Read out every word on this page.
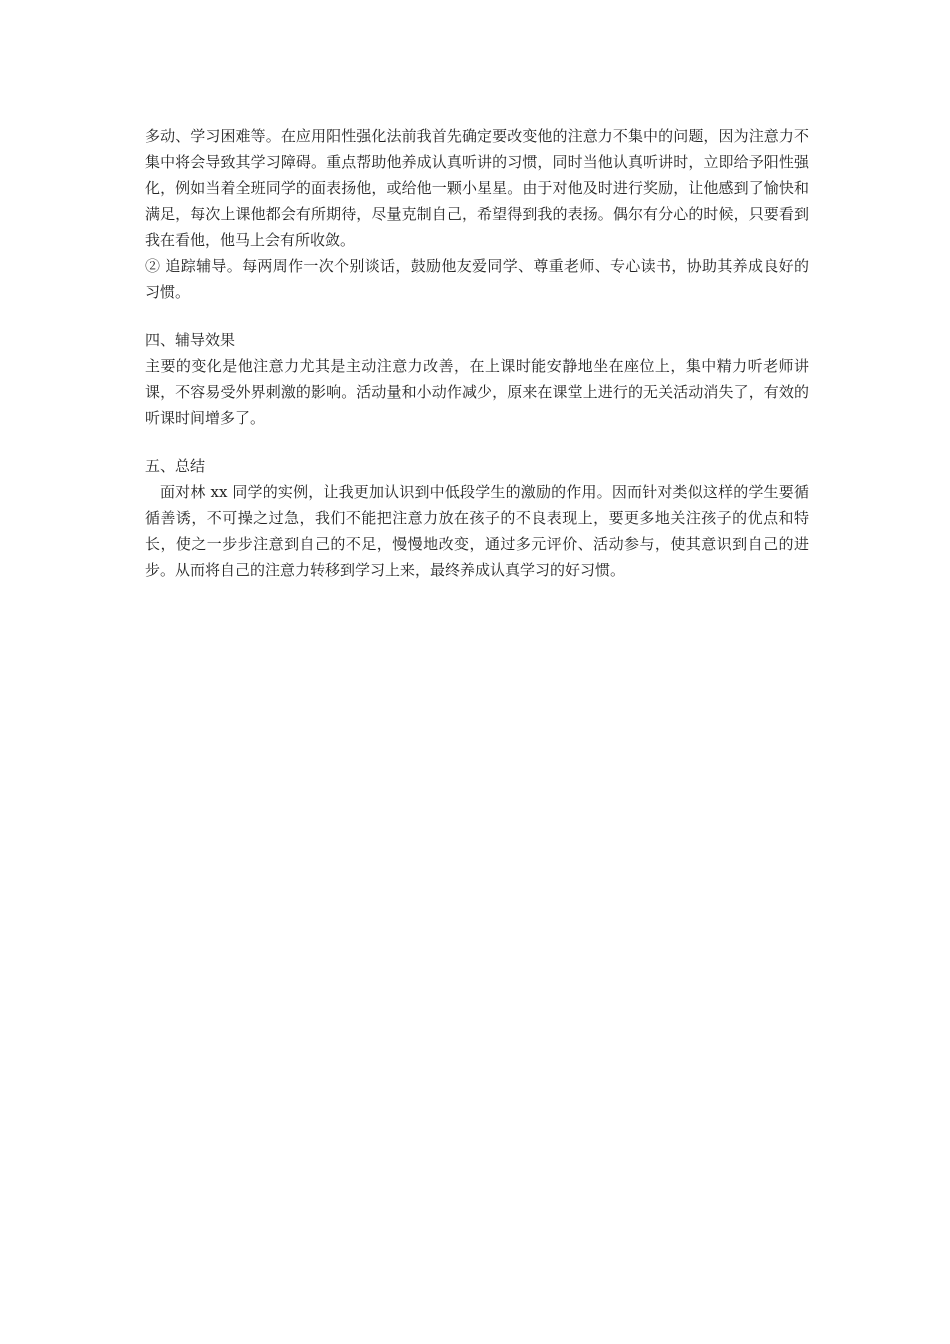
多动、学习困难等。在应用阳性强化法前我首先确定要改变他的注意力不集中的问题，因为注意力不集中将会导致其学习障碍。重点帮助他养成认真听讲的习惯，同时当他认真听讲时，立即给予阳性强化，例如当着全班同学的面表扬他，或给他一颗小星星。由于对他及时进行奖励，让他感到了愉快和满足，每次上课他都会有所期待，尽量克制自己，希望得到我的表扬。偶尔有分心的时候，只要看到我在看他，他马上会有所收敛。

② 追踪辅导。每两周作一次个别谈话，鼓励他友爱同学、尊重老师、专心读书，协助其养成良好的习惯。

四、辅导效果

主要的变化是他注意力尤其是主动注意力改善，在上课时能安静地坐在座位上，集中精力听老师讲课，不容易受外界刺激的影响。活动量和小动作减少，原来在课堂上进行的无关活动消失了，有效的听课时间增多了。

五、总结

面对林 xx 同学的实例，让我更加认识到中低段学生的激励的作用。因而针对类似这样的学生要循循善诱，不可操之过急，我们不能把注意力放在孩子的不良表现上，要更多地关注孩子的优点和特长，使之一步步注意到自己的不足，慢慢地改变，通过多元评价、活动参与，使其意识到自己的进步。从而将自己的注意力转移到学习上来，最终养成认真学习的好习惯。
